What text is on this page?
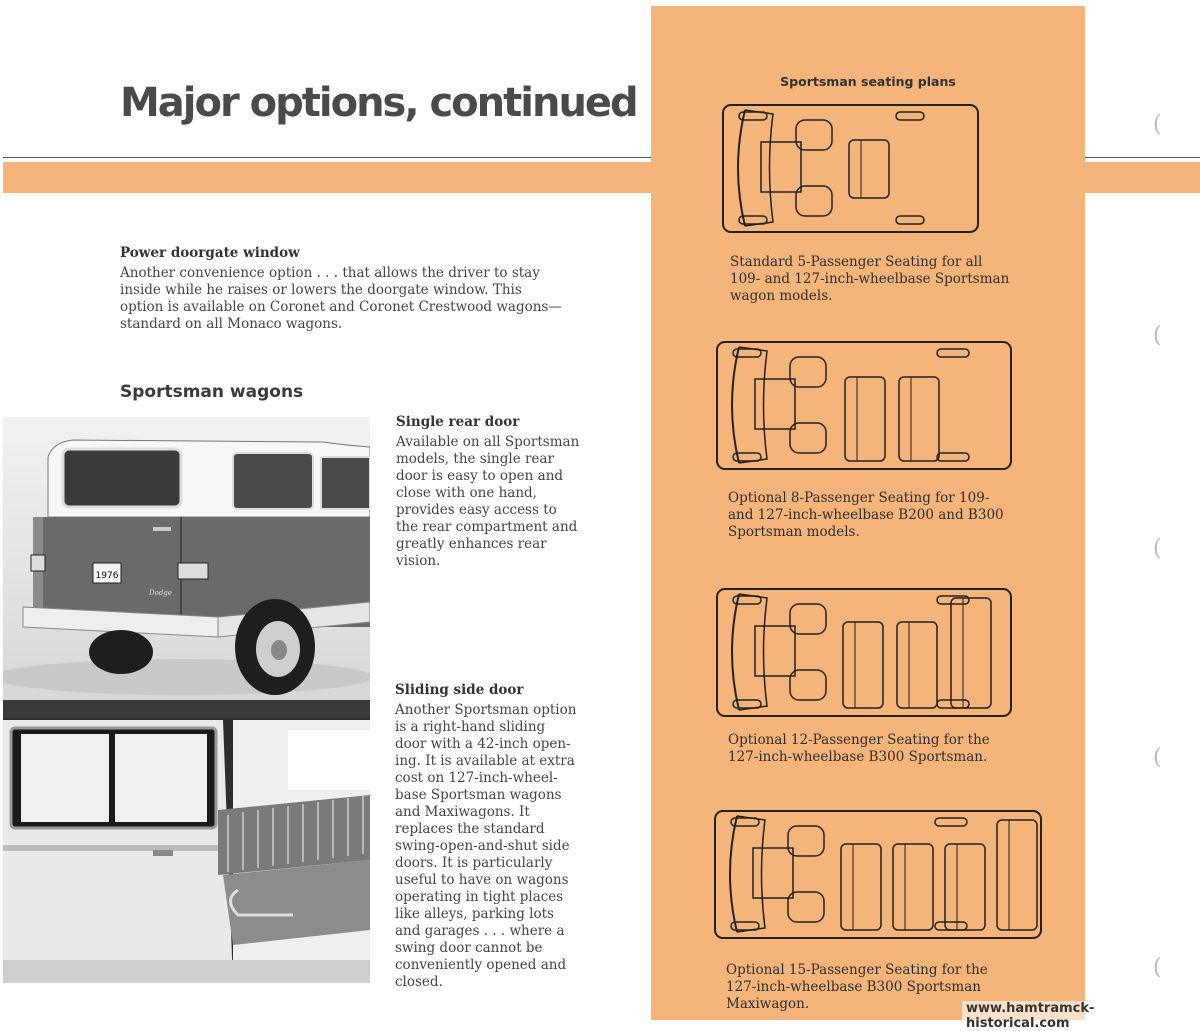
Major options, continued
Power doorgate window

Another convenience option . . . that allows the driver to stay
inside while he raises or lowers the doorgate window. This
option is available on Coronet and Coronet Crestwood wagons—
standard on all Monaco wagons.

Sportsman wagons
1976
Dodge
Single rear door

Available on all Sportsman
models, the single rear
door is easy to open and
close with one hand,
provides easy access to
the rear compartment and
greatly enhances rear
vision.

Sliding side door

Another Sportsman option
is a right-hand sliding
door with a 42-inch open-
ing. It is available at extra
cost on 127-inch-wheel-
base Sportsman wagons
and Maxiwagons. It
replaces the standard
swing-open-and-shut side
doors. It is particularly
useful to have on wagons
operating in tight places
like alleys, parking lots
and garages . . . where a
swing door cannot be
conveniently opened and
closed.

Sportsman seating plans

Standard 5-Passenger Seating for all
109- and 127-inch-wheelbase Sportsman
wagon models.

Optional 8-Passenger Seating for 109-
and 127-inch-wheelbase B200 and B300
Sportsman models.

Optional 12-Passenger Seating for the
127-inch-wheelbase B300 Sportsman.

Optional 15-Passenger Seating for the
127-inch-wheelbase B300 Sportsman
Maxiwagon.

(
(
(
(
(

www.hamtramck-historical.com
